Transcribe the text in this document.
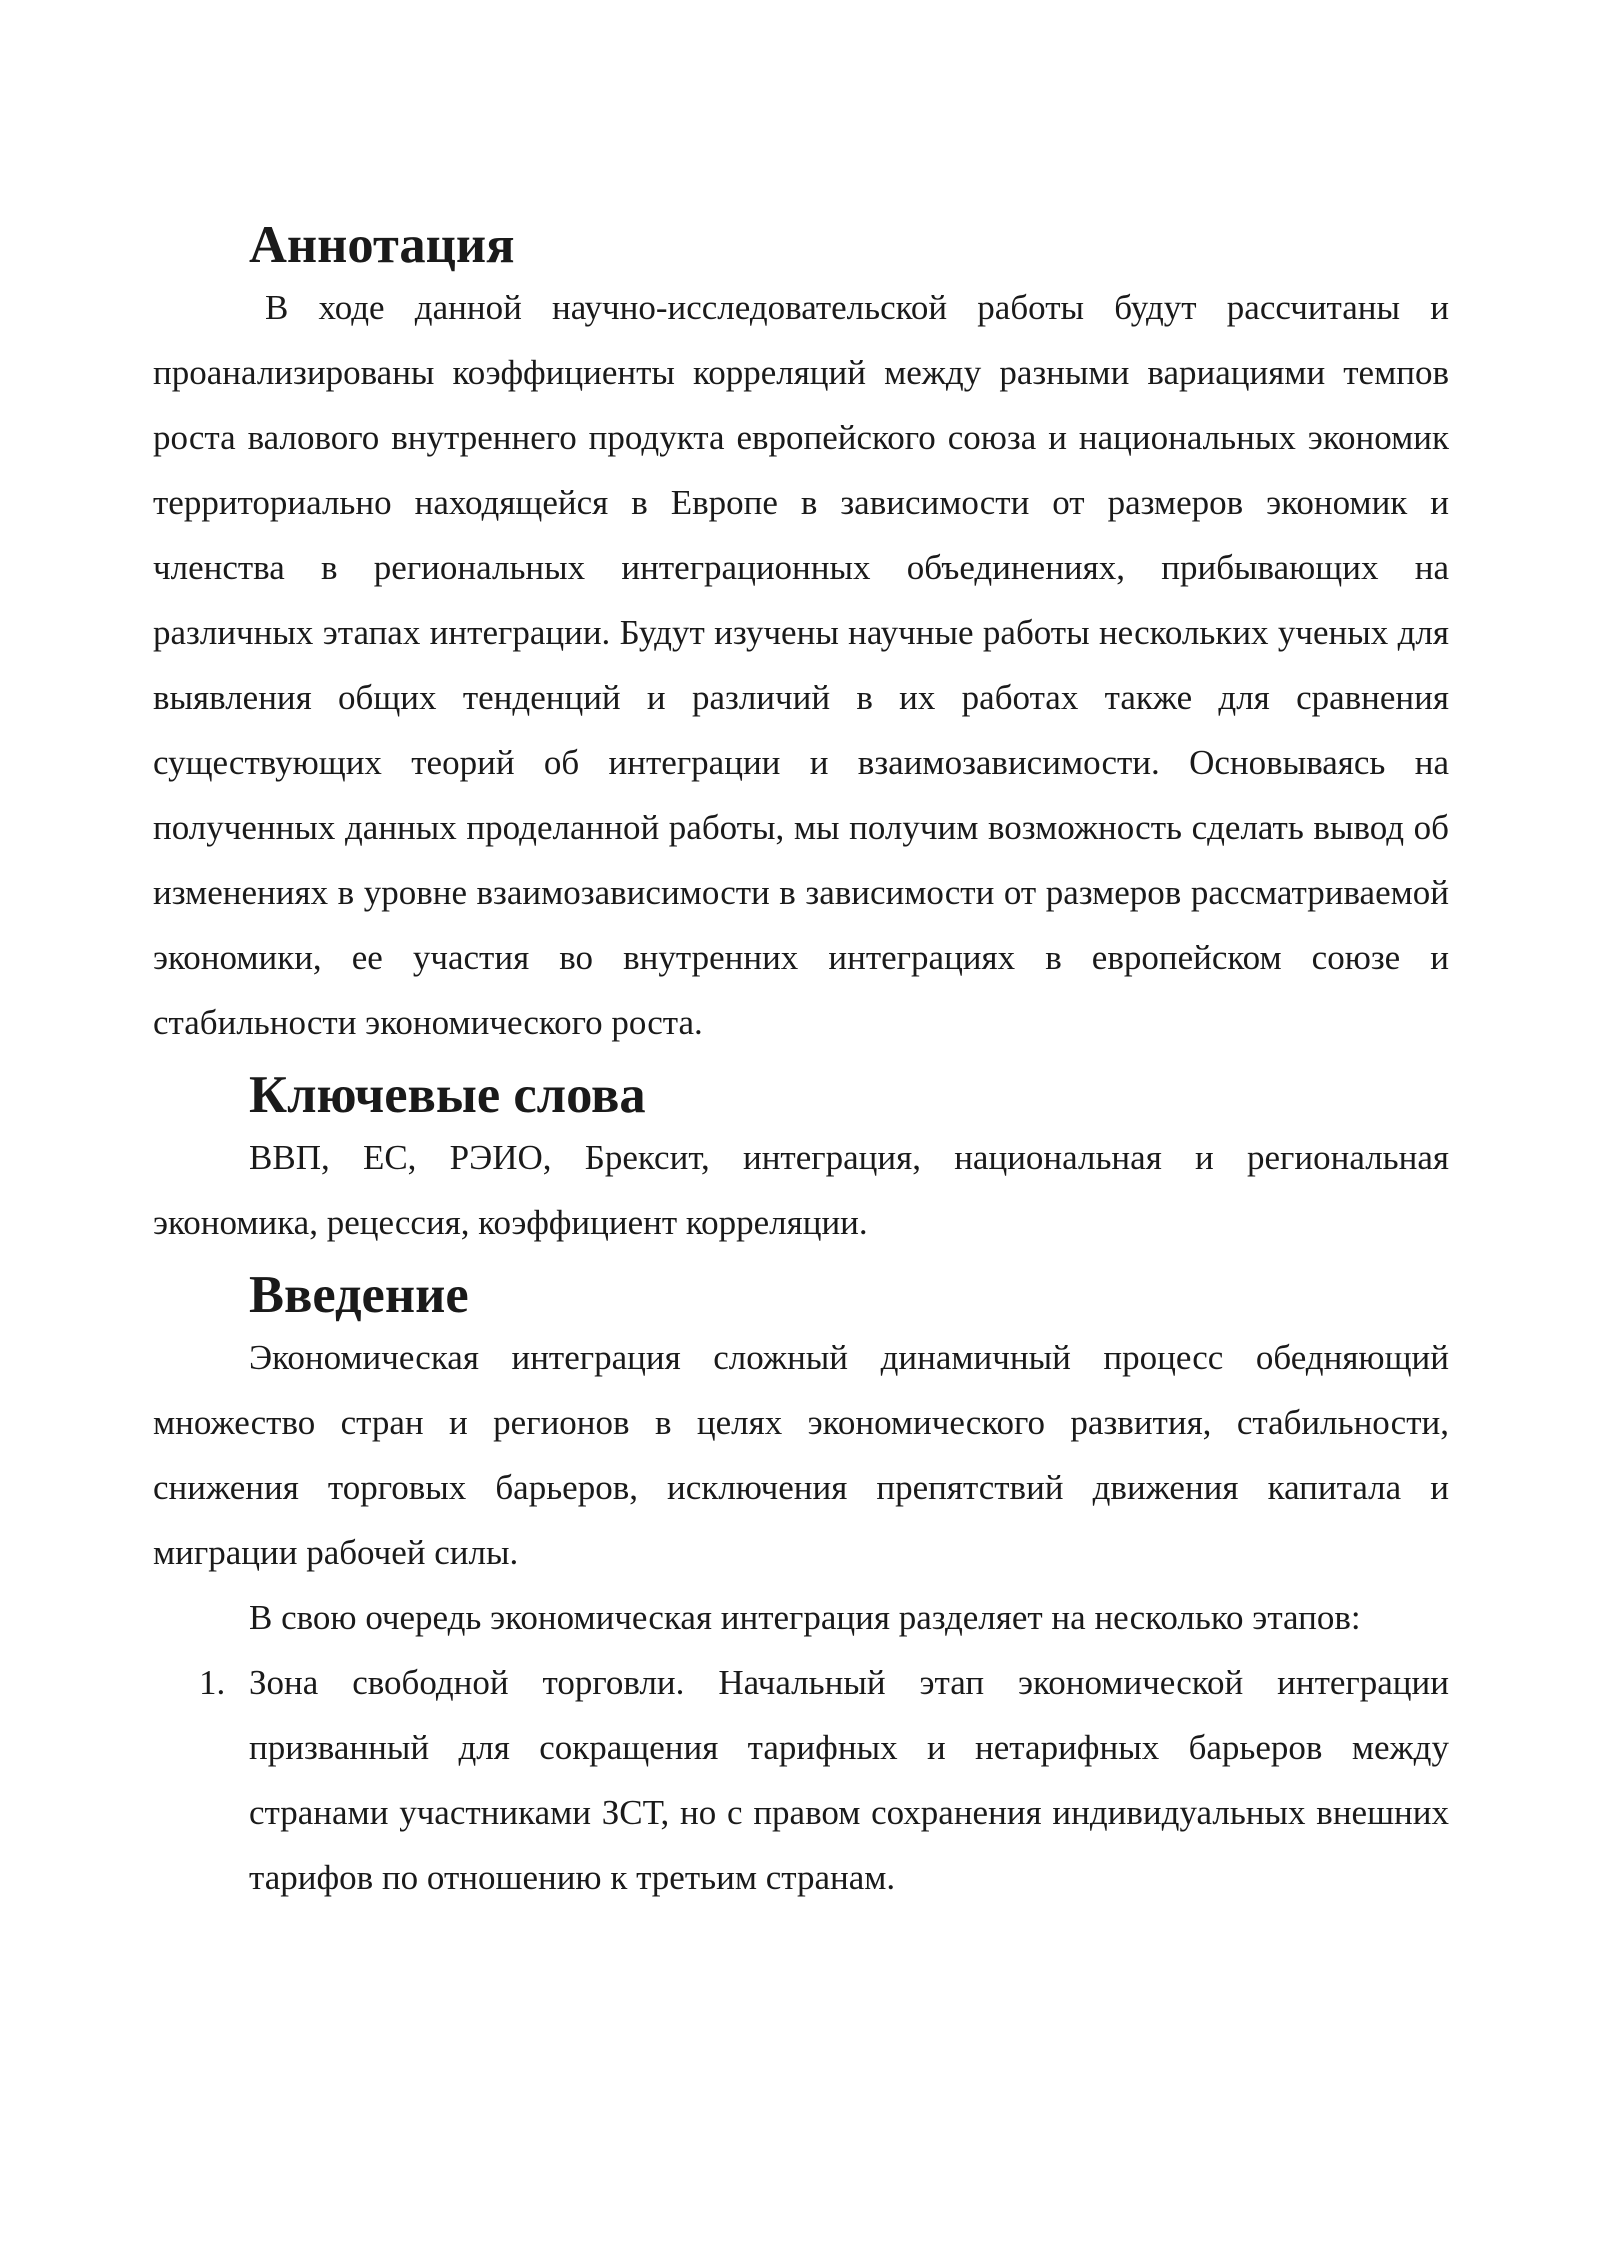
Аннотация

В ходе данной научно-исследовательской работы будут рассчитаны и проанализированы коэффициенты корреляций между разными вариациями темпов роста валового внутреннего продукта европейского союза и национальных экономик территориально находящейся в Европе в зависимости от размеров экономик и членства в региональных интеграционных объединениях, прибывающих на различных этапах интеграции. Будут изучены научные работы нескольких ученых для выявления общих тенденций и различий в их работах также для сравнения существующих теорий об интеграции и взаимозависимости. Основываясь на полученных данных проделанной работы, мы получим возможность сделать вывод об изменениях в уровне взаимозависимости в зависимости от размеров рассматриваемой экономики, ее участия во внутренних интеграциях в европейском союзе и стабильности экономического роста.

Ключевые слова

ВВП, ЕС, РЭИО, Брексит, интеграция, национальная и региональная экономика, рецессия, коэффициент корреляции.

Введение

Экономическая интеграция сложный динамичный процесс обедняющий множество стран и регионов в целях экономического развития, стабильности, снижения торговых барьеров, исключения препятствий движения капитала и миграции рабочей силы.

В свою очередь экономическая интеграция разделяет на несколько этапов:

1. Зона свободной торговли. Начальный этап экономической интеграции призванный для сокращения тарифных и нетарифных барьеров между странами участниками ЗСТ, но с правом сохранения индивидуальных внешних тарифов по отношению к третьим странам.
